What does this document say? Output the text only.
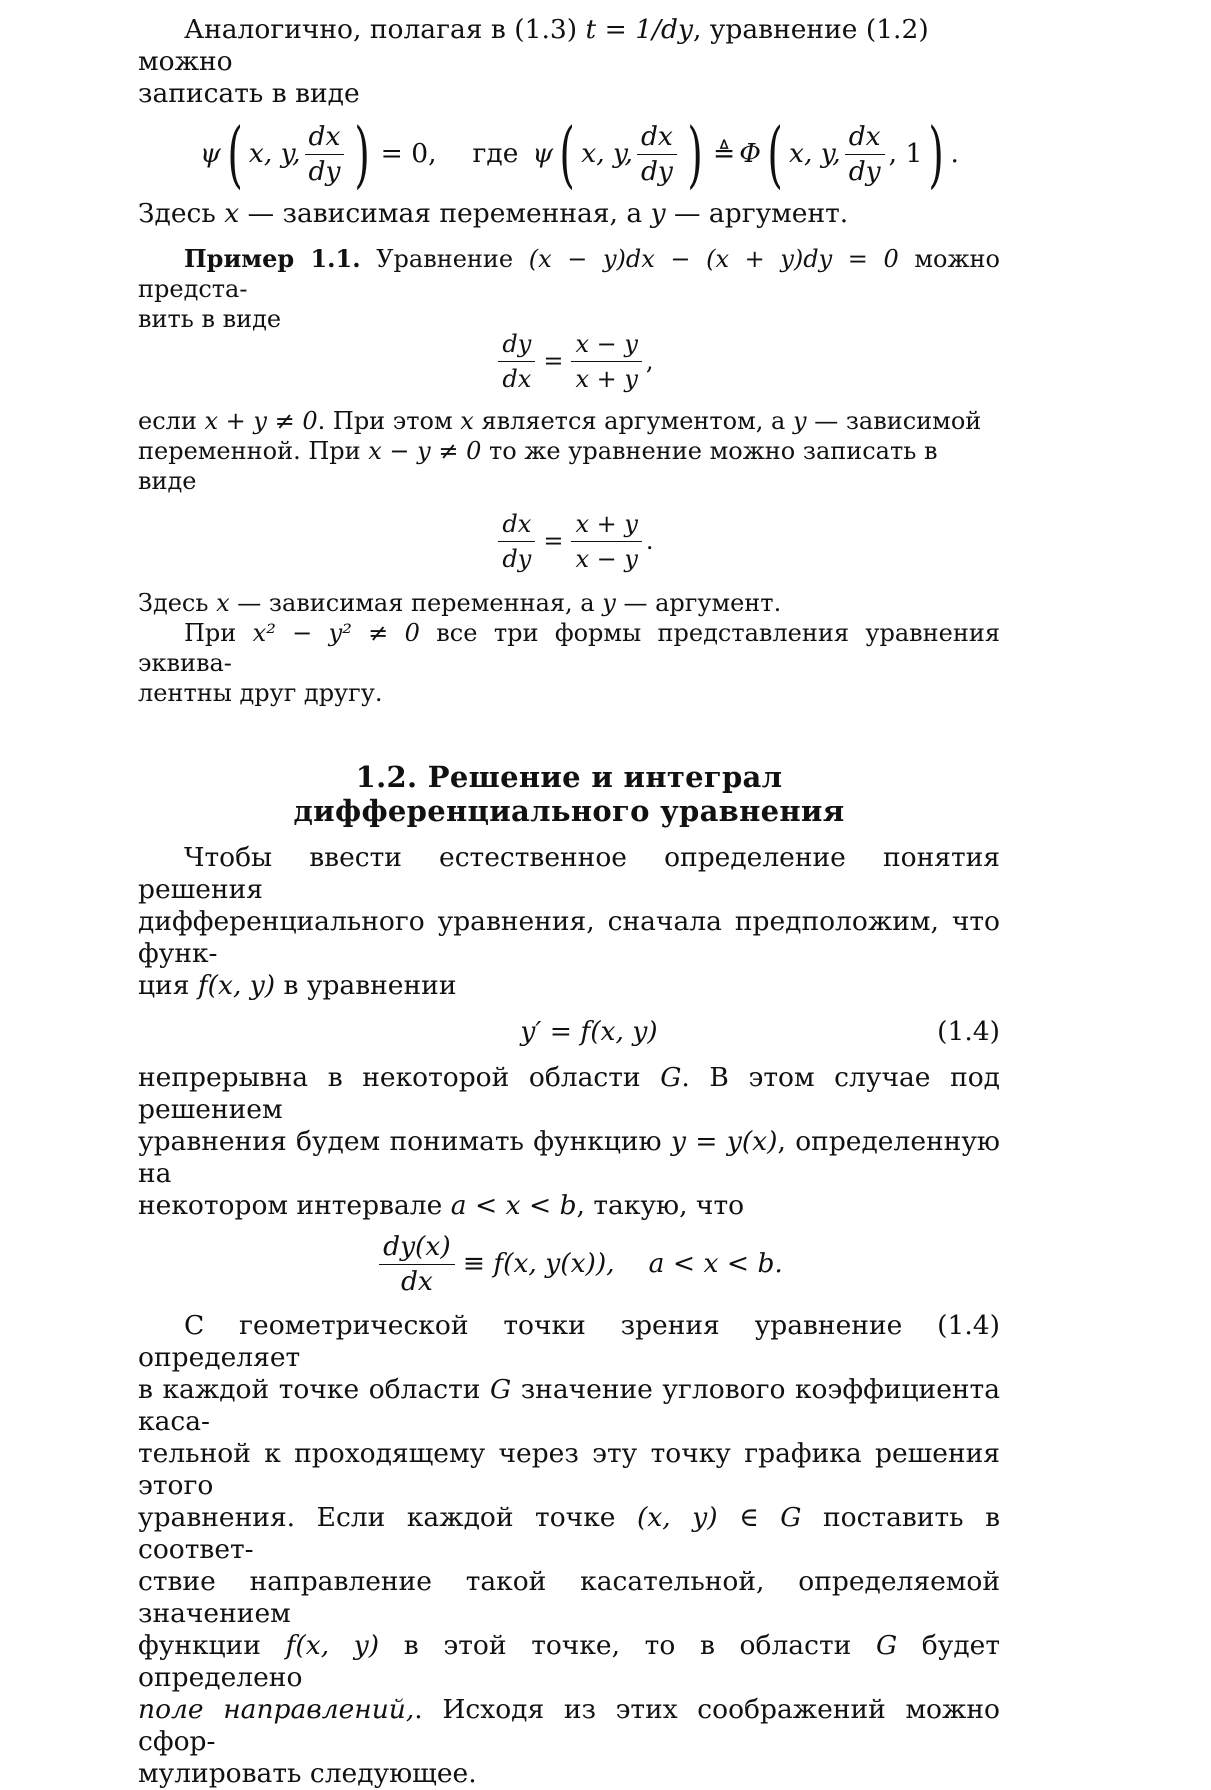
Аналогично, полагая в (1.3) t = 1/dy, уравнение (1.2) можно

записать в виде

ψ ( x, y, $\frac{dx}{dy}$ ) = 0, где ψ ( x, y, $\frac{dx}{dy}$ ) ≜ Φ ( x, y, $\frac{dx}{dy}$ , 1 ) .

Здесь x — зависимая переменная, а y — аргумент.

Пример 1.1. Уравнение (x − y)dx − (x + y)dy = 0 можно предста-

вить в виде

$\frac{dy}{dx} = \frac{x - y}{x + y}$ ,

если x + y ≠ 0. При этом x является аргументом, а y — зависимой

переменной. При x − y ≠ 0 то же уравнение можно записать в виде

$\frac{dx}{dy} = \frac{x + y}{x - y}$ .

Здесь x — зависимая переменная, а y — аргумент.

При x² − y² ≠ 0 все три формы представления уравнения эквива-

лентны друг другу.

1.2. Решение и интеграл
дифференциального уравнения

Чтобы ввести естественное определение понятия решения

дифференциального уравнения, сначала предположим, что функ-

ция f(x, y) в уравнении

y′ = f(x, y)	(1.4)

непрерывна в некоторой области G. В этом случае под решением

уравнения будем понимать функцию y = y(x), определенную на

некотором интервале a < x < b, такую, что

$\frac{dy(x)}{dx} \equiv f(x$, y(x)), a < x < b.

С геометрической точки зрения уравнение (1.4) определяет

в каждой точке области G значение углового коэффициента каса-

тельной к проходящему через эту точку графика решения этого

уравнения. Если каждой точке (x, y) ∈ G поставить в соответ-

ствие направление такой касательной, определяемой значением

функции f(x, y) в этой точке, то в области G будет определено

поле направлений,. Исходя из этих соображений можно сфор-

мулировать следующее.
